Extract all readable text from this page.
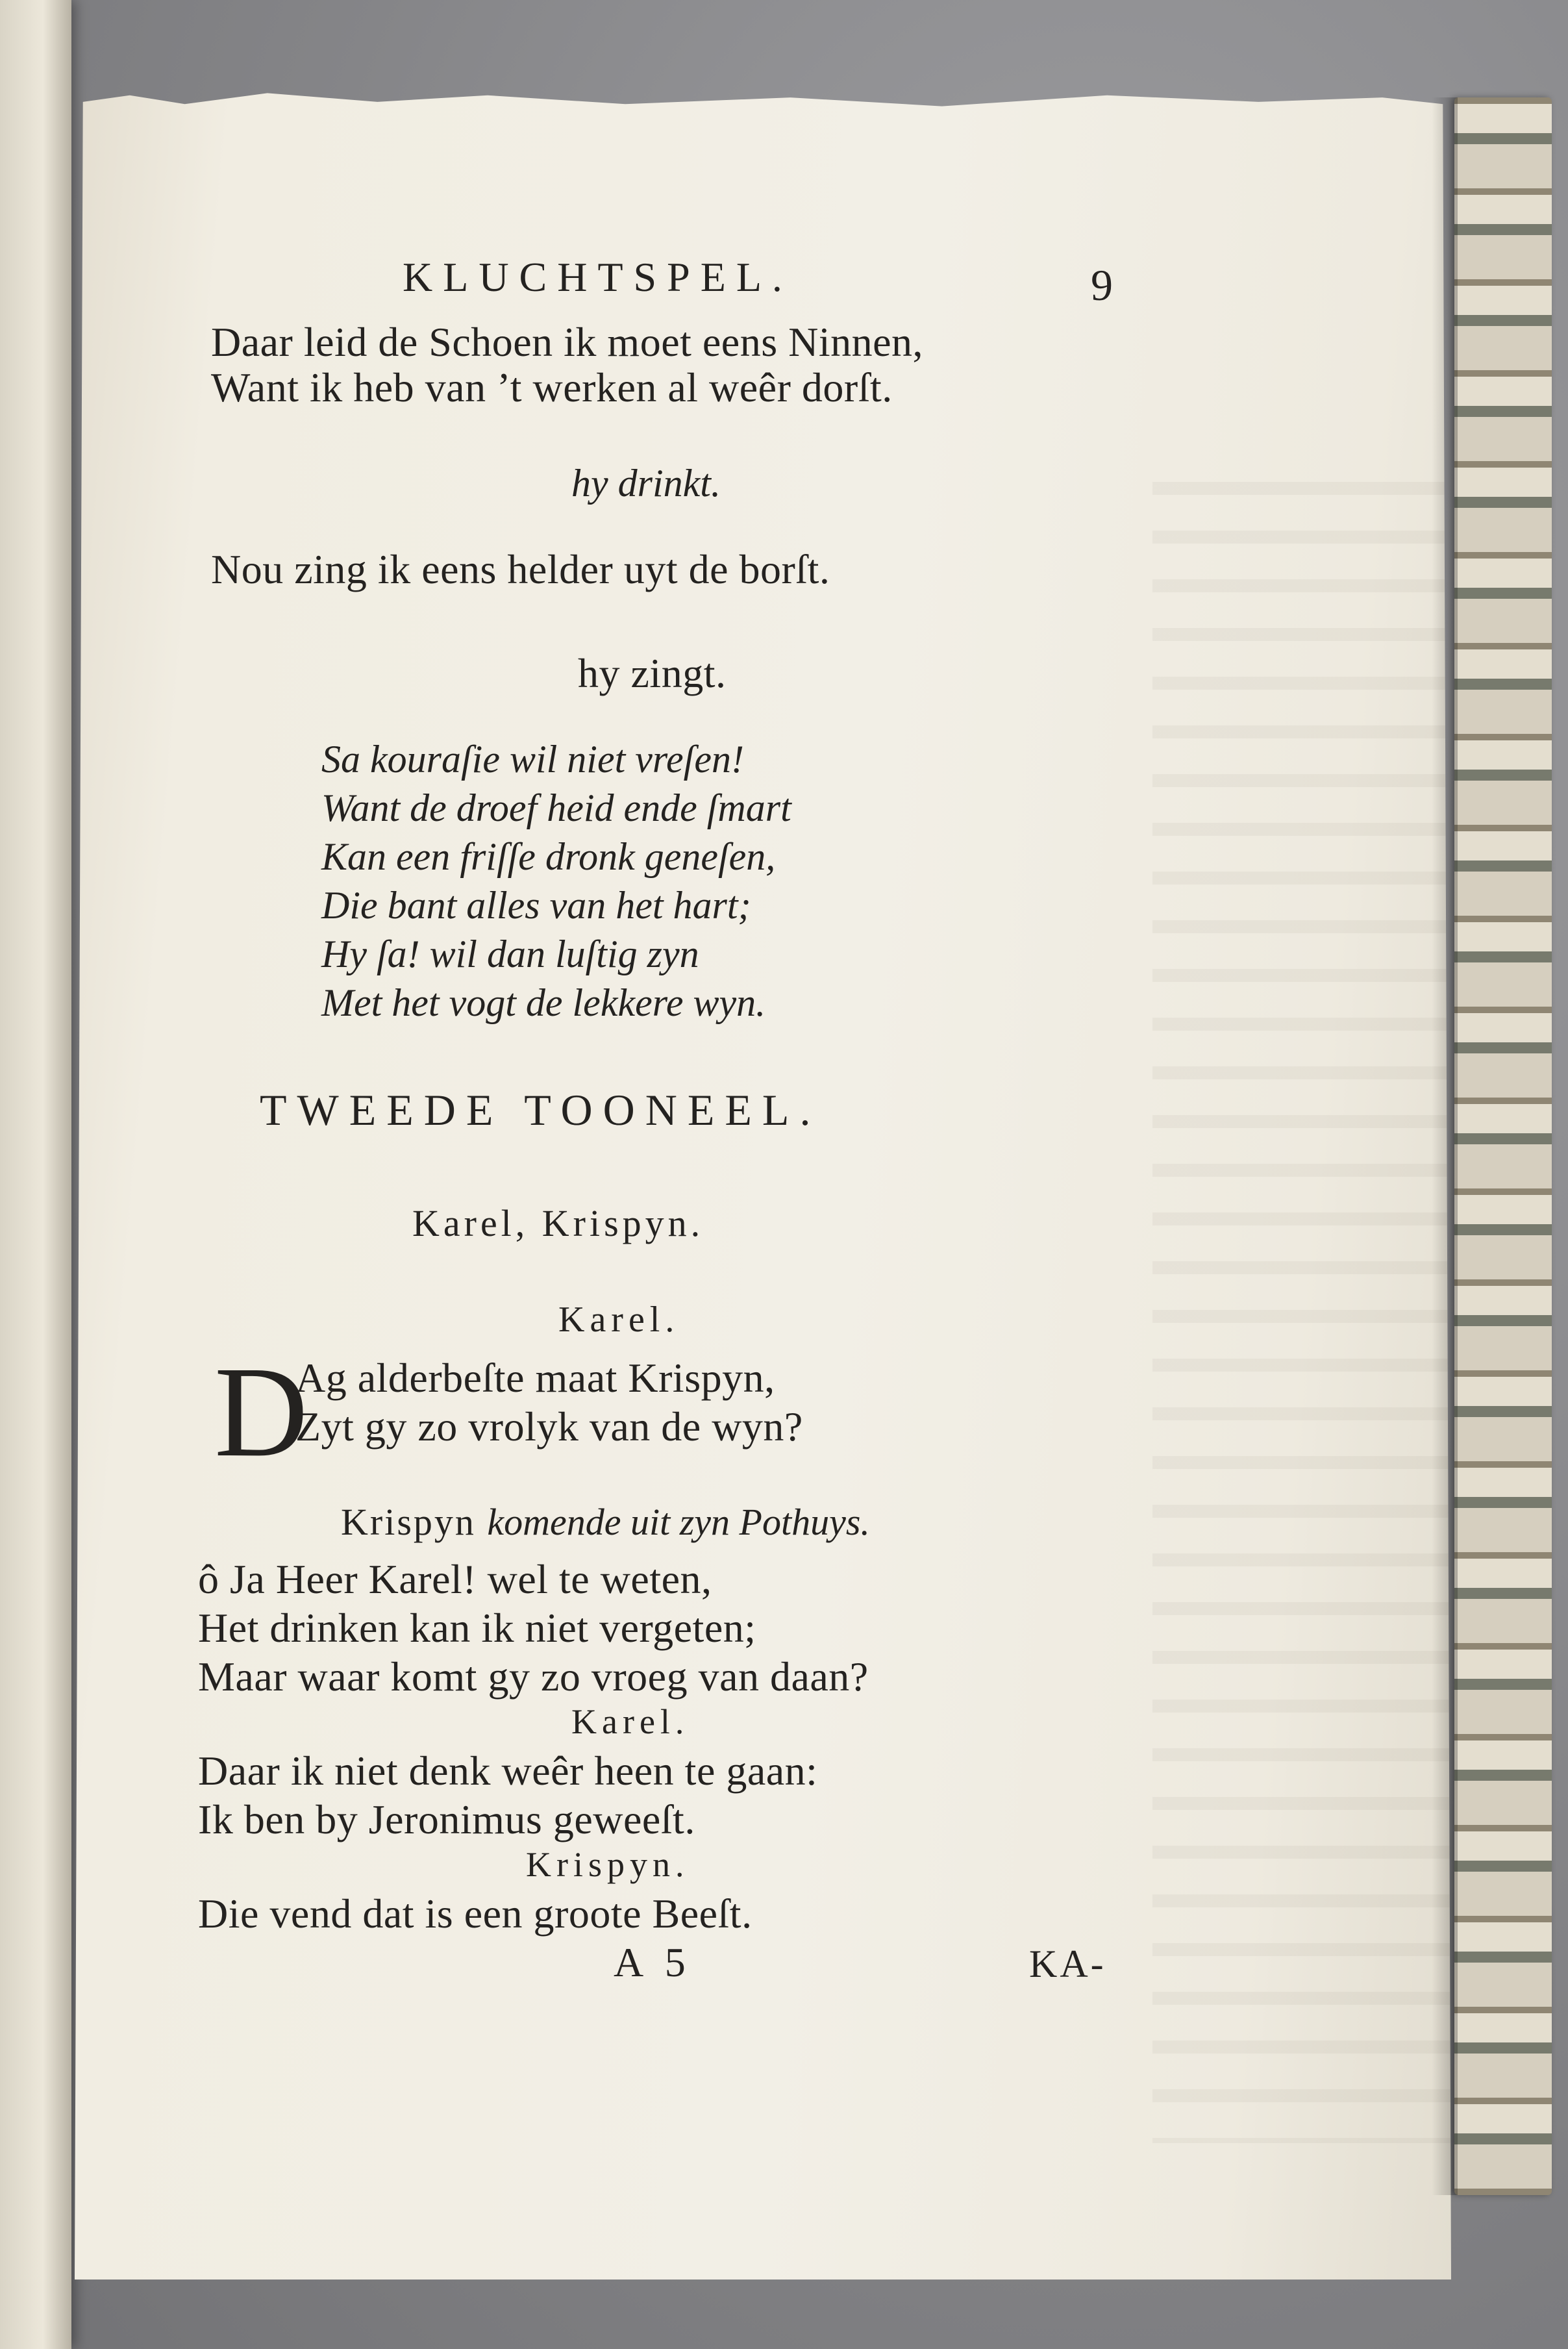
KLUCHTSPEL.	9
Daar leid de Schoen ik moet eens Ninnen,
Want ik heb van ’t werken al weêr dorſt.
hy drinkt.
Nou zing ik eens helder uyt de borſt.
hy zingt.
Sa kouraſie wil niet vreſen!
Want de droef heid ende ſmart
Kan een friſſe dronk geneſen,
Die bant alles van het hart;
Hy ſa! wil dan luſtig zyn
Met het vogt de lekkere wyn.
TWEEDE TOONEEL.
Karel, Krispyn.
Karel.
D
Ag alderbeſte maat Krispyn,
Zyt gy zo vrolyk van de wyn?
Krispyn komende uit zyn Pothuys.
ô Ja Heer Karel! wel te weten,
Het drinken kan ik niet vergeten;
Maar waar komt gy zo vroeg van daan?
Karel.
Daar ik niet denk weêr heen te gaan:
Ik ben by Jeronimus geweeſt.
Krispyn.
Die vend dat is een groote Beeſt.
A 5	KA-
